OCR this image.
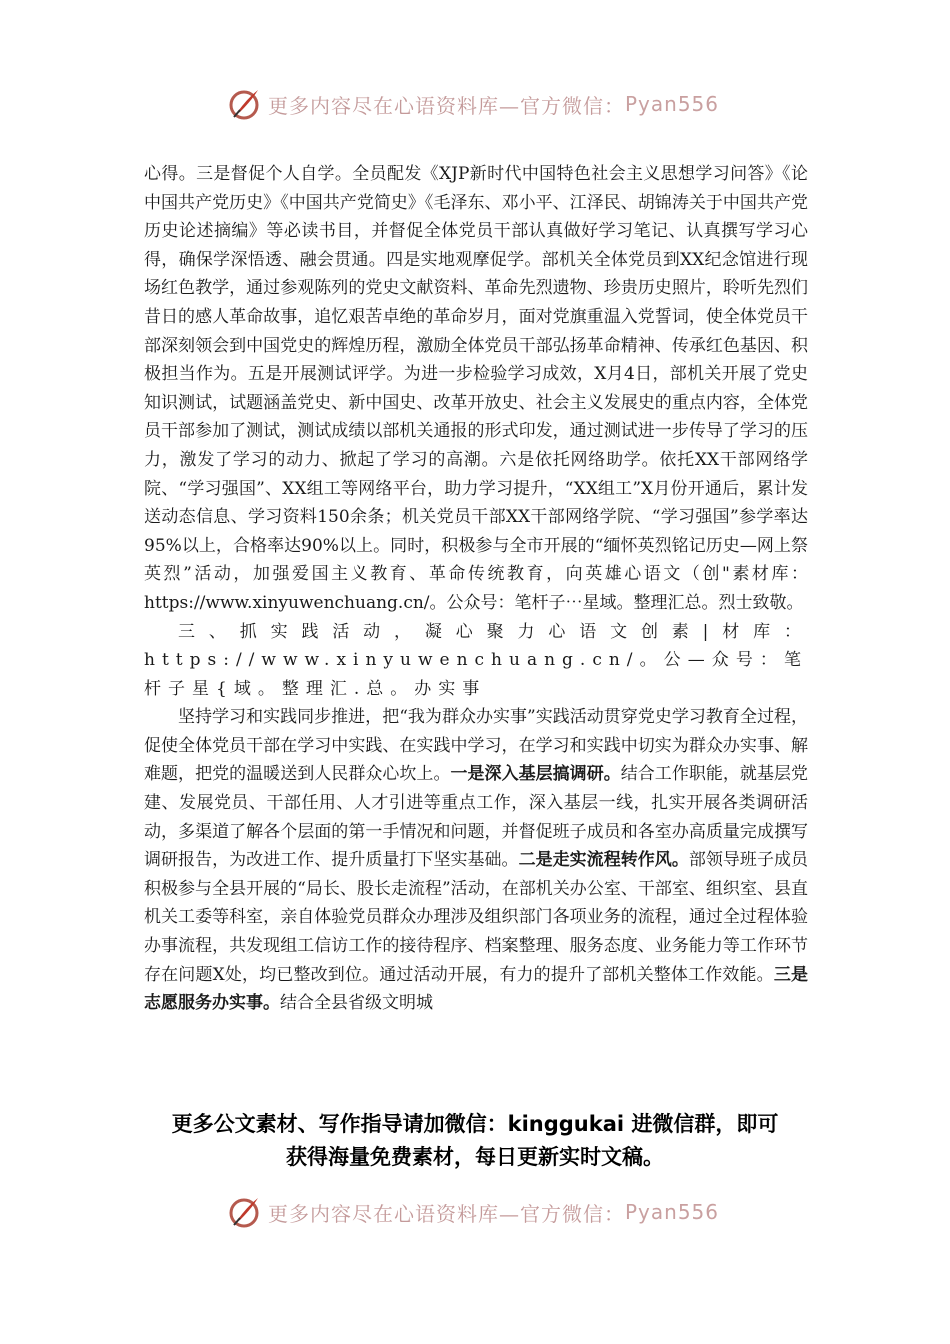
更多内容尽在心语资料库—官方微信： Pyan556

心得。三是督促个人自学。全员配发《XJP新时代中国特色社会主义思想学习问答》《论中国共产党历史》《中国共产党简史》《毛泽东、邓小平、江泽民、胡锦涛关于中国共产党历史论述摘编》等必读书目，并督促全体党员干部认真做好学习笔记、认真撰写学习心得，确保学深悟透、融会贯通。四是实地观摩促学。部机关全体党员到XX纪念馆进行现场红色教学，通过参观陈列的党史文献资料、革命先烈遗物、珍贵历史照片，聆听先烈们昔日的感人革命故事，追忆艰苦卓绝的革命岁月，面对党旗重温入党誓词，使全体党员干部深刻领会到中国党史的辉煌历程，激励全体党员干部弘扬革命精神、传承红色基因、积极担当作为。五是开展测试评学。为进一步检验学习成效，X月4日，部机关开展了党史知识测试，试题涵盖党史、新中国史、改革开放史、社会主义发展史的重点内容，全体党员干部参加了测试，测试成绩以部机关通报的形式印发，通过测试进一步传导了学习的压力，激发了学习的动力、掀起了学习的高潮。六是依托网络助学。依托XX干部网络学院、“学习强国”、XX组工等网络平台，助力学习提升，“XX组工”X月份开通后，累计发送动态信息、学习资料150余条；机关党员干部XX干部网络学院、“学习强国”参学率达95%以上，合格率达90%以上。同时，积极参与全市开展的“缅怀英烈铭记历史—网上祭英烈”活动，加强爱国主义教育、革命传统教育，向英雄心语文（创"素材库：https://www.xinyuwenchuang.cn/。公众号：笔杆子⋯星域。整理汇总。烈士致敬。

三、抓实践活动，凝心聚力心语文创素|材库：https://www.xinyuwenchuang.cn/。公—众号：笔杆子星{域。整理汇.总。办实事

坚持学习和实践同步推进，把“我为群众办实事”实践活动贯穿党史学习教育全过程，促使全体党员干部在学习中实践、在实践中学习，在学习和实践中切实为群众办实事、解难题，把党的温暖送到人民群众心坎上。一是深入基层搞调研。结合工作职能，就基层党建、发展党员、干部任用、人才引进等重点工作，深入基层一线，扎实开展各类调研活动，多渠道了解各个层面的第一手情况和问题，并督促班子成员和各室办高质量完成撰写调研报告，为改进工作、提升质量打下坚实基础。二是走实流程转作风。部领导班子成员积极参与全县开展的“局长、股长走流程”活动，在部机关办公室、干部室、组织室、县直机关工委等科室，亲自体验党员群众办理涉及组织部门各项业务的流程，通过全过程体验办事流程，共发现组工信访工作的接待程序、档案整理、服务态度、业务能力等工作环节存在问题X处，均已整改到位。通过活动开展，有力的提升了部机关整体工作效能。三是志愿服务办实事。结合全县省级文明城

更多公文素材、写作指导请加微信：kinggukai 进微信群，即可
获得海量免费素材，每日更新实时文稿。
更多内容尽在心语资料库—官方微信： Pyan556
